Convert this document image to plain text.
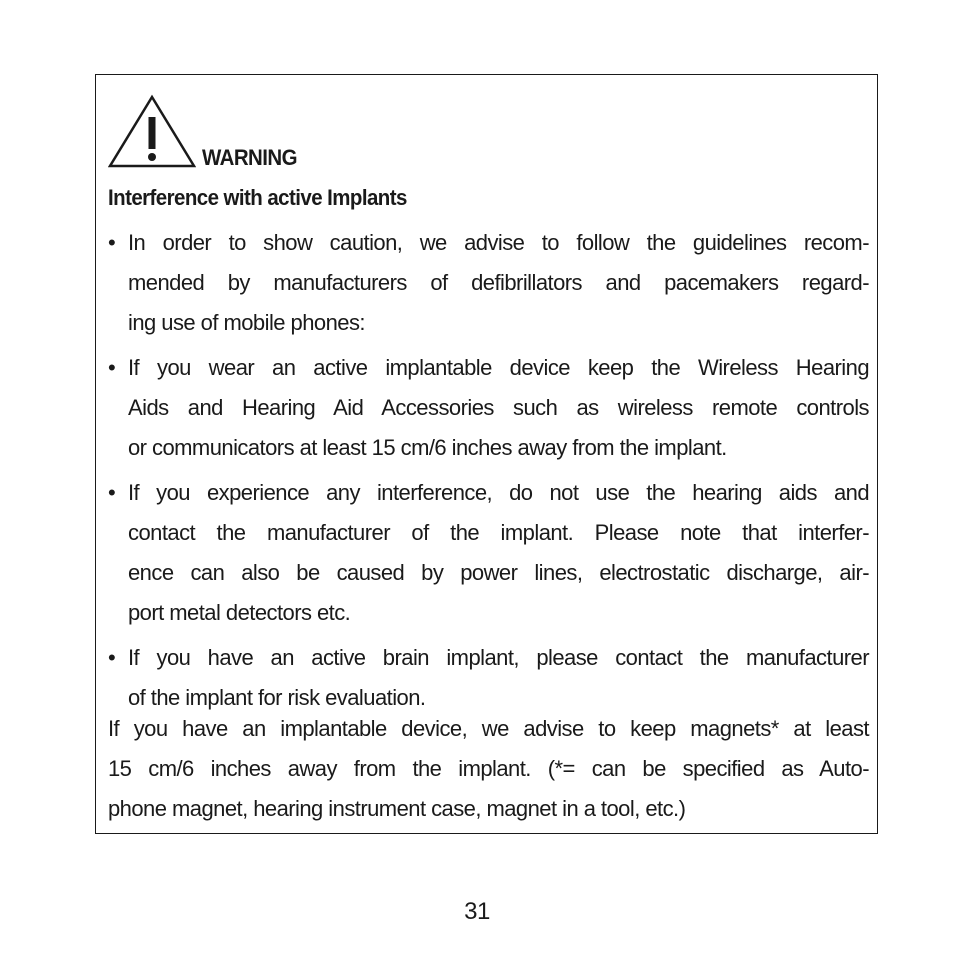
WARNING
Interference with active Implants
• In order to show caution, we advise to follow the guidelines recom-
mended by manufacturers of defibrillators and pacemakers regard-
ing use of mobile phones:
• If you wear an active implantable device keep the Wireless Hearing
Aids and Hearing Aid Accessories such as wireless remote controls
or communicators at least 15 cm/6 inches away from the implant.
• If you experience any interference, do not use the hearing aids and
contact the manufacturer of the implant. Please note that interfer-
ence can also be caused by power lines, electrostatic discharge, air-
port metal detectors etc.
• If you have an active brain implant, please contact the manufacturer
of the implant for risk evaluation.
If you have an implantable device, we advise to keep magnets* at least
15 cm/6 inches away from the implant. (*= can be specified as Auto-
phone magnet, hearing instrument case, magnet in a tool, etc.)
31
